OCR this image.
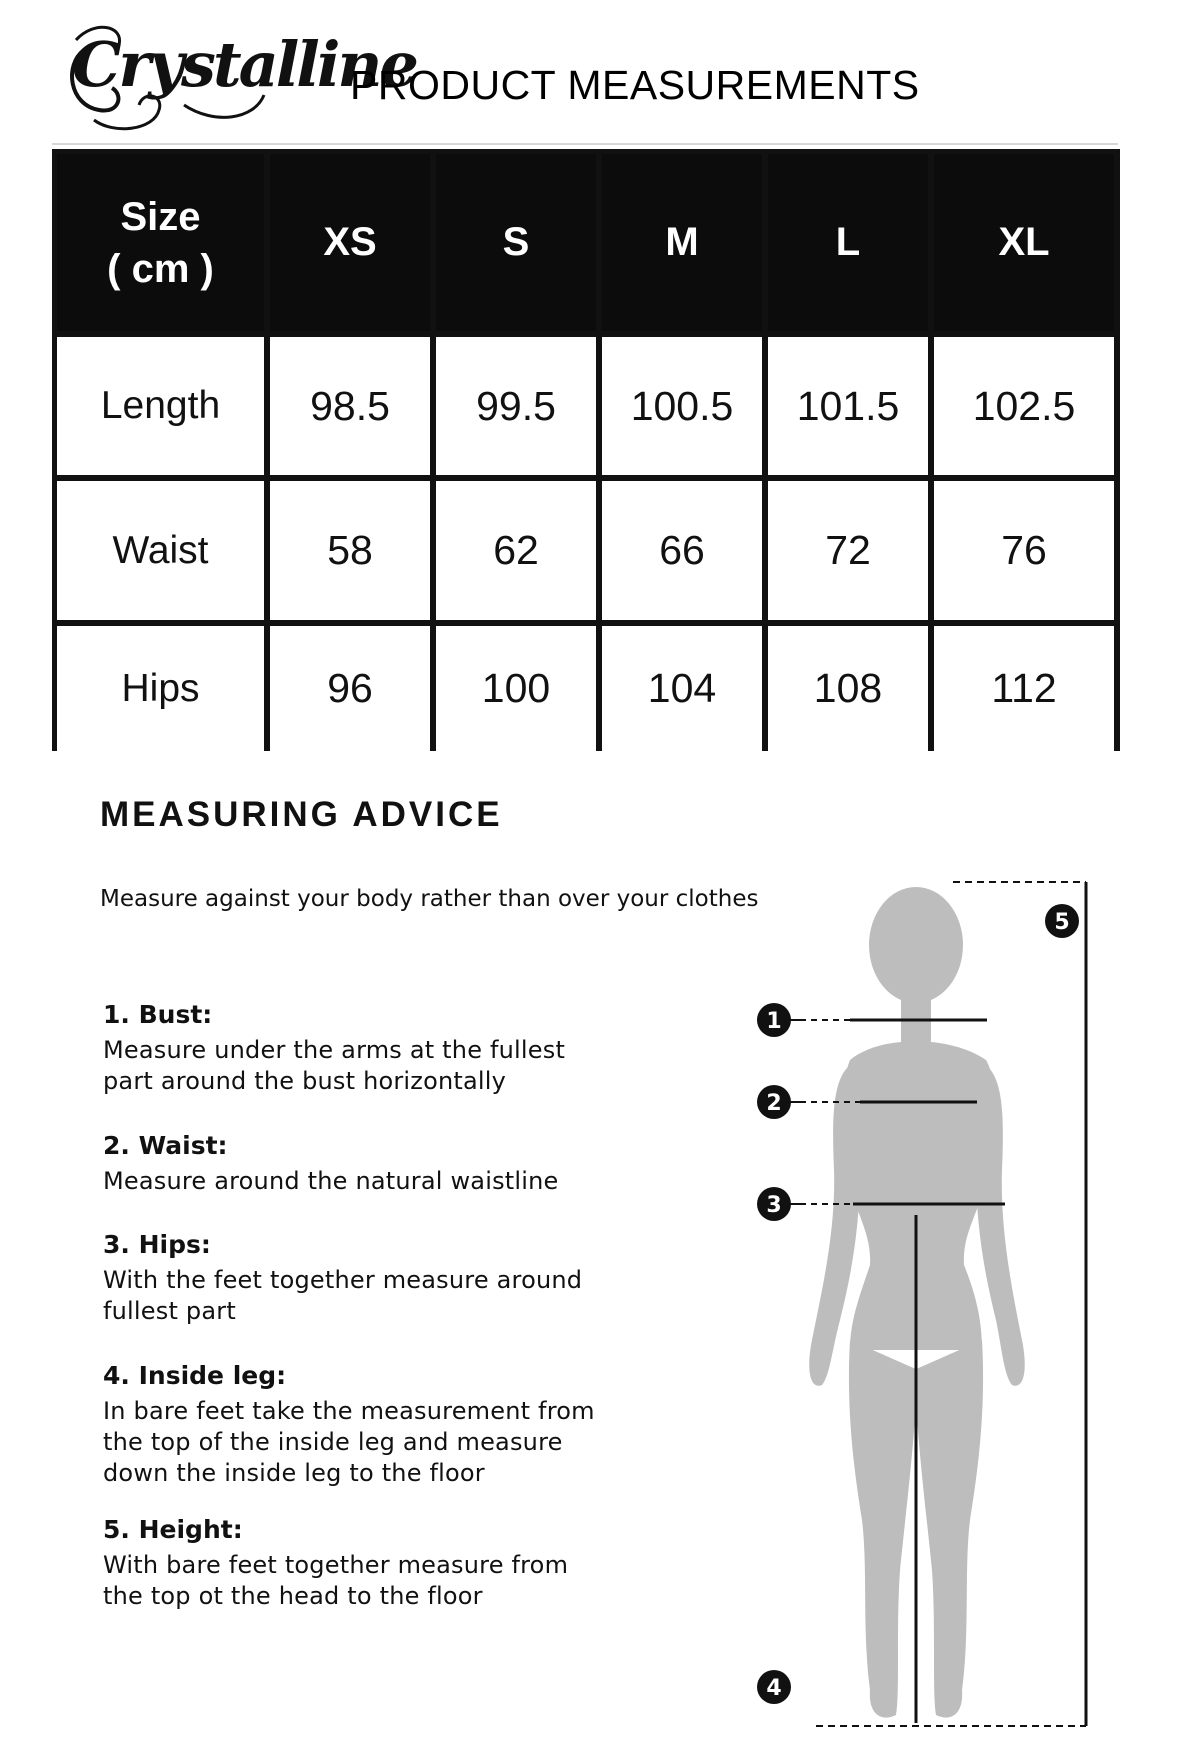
Crystalline
PRODUCT MEASUREMENTS
Size
( cm )
XS	S	M	L	XL
Length	98.5	99.5	100.5	101.5	102.5
Waist	58	62	66	72	76
Hips	96	100	104	108	112
MEASURING ADVICE
Measure against your body rather than over your clothes
1. Bust:
Measure under the arms at the fullest
part around the bust horizontally
2. Waist:
Measure around the natural waistline
3. Hips:
With the feet together measure around
fullest part
4. Inside leg:
In bare feet take the measurement from
the top of the inside leg and measure
down the inside leg to the floor
5. Height:
With bare feet together measure from
the top ot the head to the floor
1
2
3
4
5
